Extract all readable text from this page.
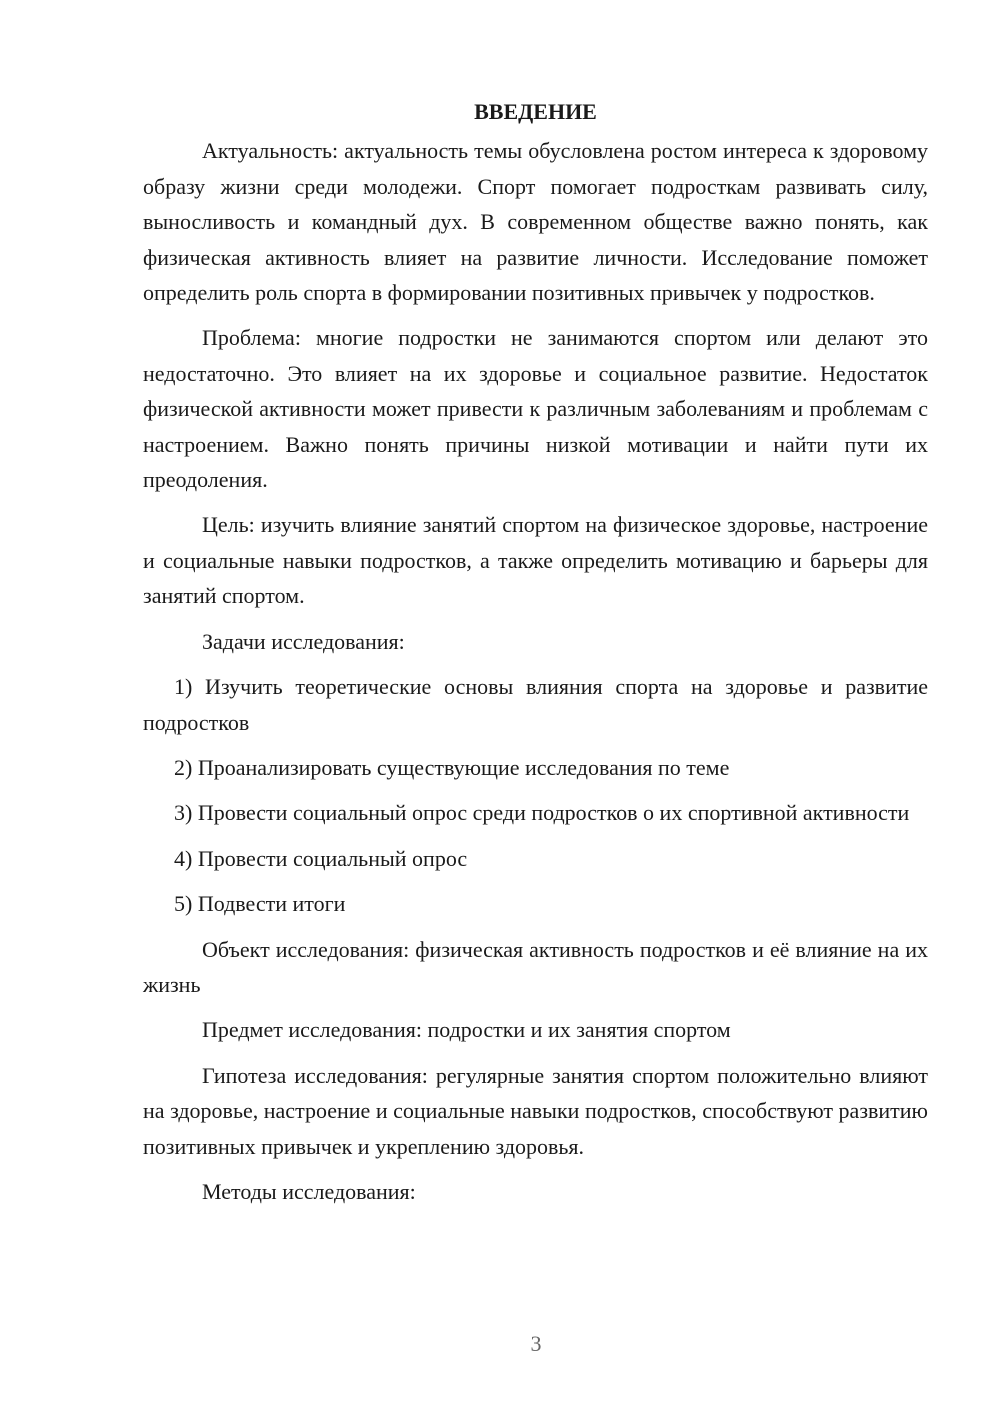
ВВЕДЕНИЕ

Актуальность: актуальность темы обусловлена ростом интереса к здоровому образу жизни среди молодежи. Спорт помогает подросткам развивать силу, выносливость и командный дух. В современном обществе важно понять, как физическая активность влияет на развитие личности. Исследование поможет определить роль спорта в формировании позитивных привычек у подростков.

Проблема: многие подростки не занимаются спортом или делают это недостаточно. Это влияет на их здоровье и социальное развитие. Недостаток физической активности может привести к различным заболеваниям и проблемам с настроением. Важно понять причины низкой мотивации и найти пути их преодоления.

Цель: изучить влияние занятий спортом на физическое здоровье, настроение и социальные навыки подростков, а также определить мотивацию и барьеры для занятий спортом.

Задачи исследования:

1) Изучить теоретические основы влияния спорта на здоровье и развитие подростков

2) Проанализировать существующие исследования по теме

3) Провести социальный опрос среди подростков о их спортивной активности

4) Провести социальный опрос

5) Подвести итоги

Объект исследования: физическая активность подростков и её влияние на их жизнь

Предмет исследования: подростки и их занятия спортом

Гипотеза исследования: регулярные занятия спортом положительно влияют на здоровье, настроение и социальные навыки подростков, способствуют развитию позитивных привычек и укреплению здоровья.

Методы исследования:

3
